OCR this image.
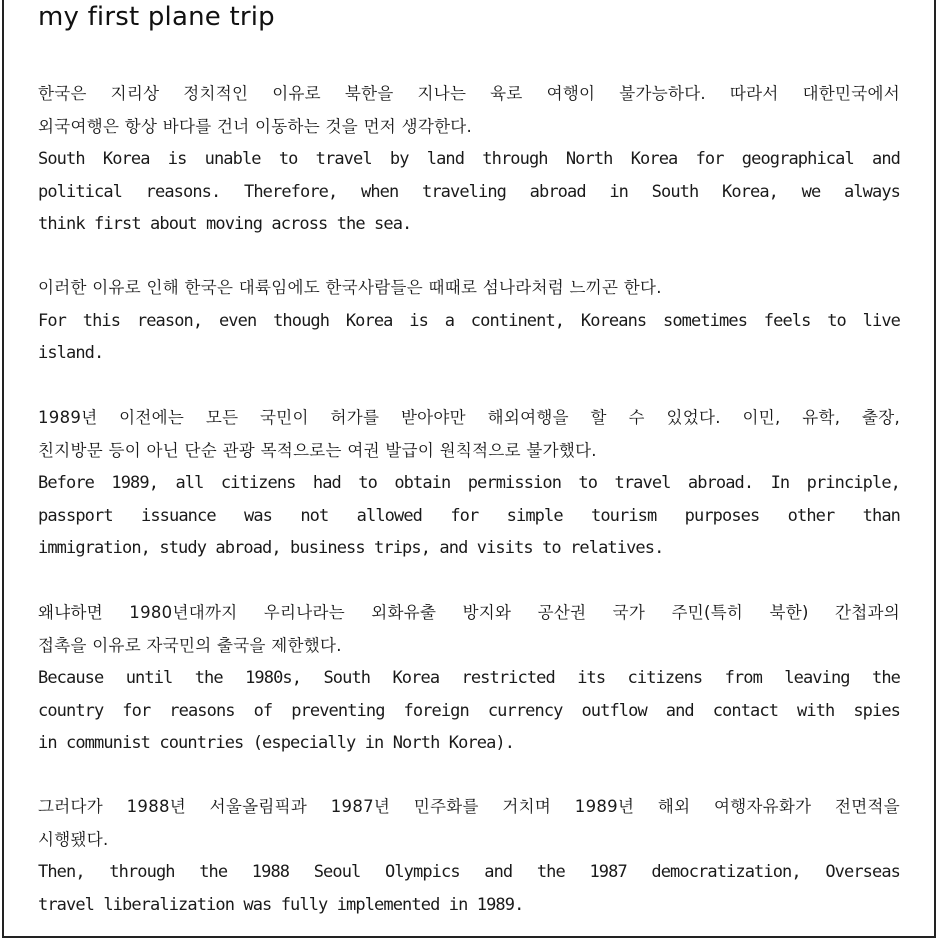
my first plane trip
한국은 지리상 정치적인 이유로 북한을 지나는 육로 여행이 불가능하다. 따라서 대한민국에서
외국여행은 항상 바다를 건너 이동하는 것을 먼저 생각한다.
South Korea is unable to travel by land through North Korea for geographical and
political reasons. Therefore, when traveling abroad in South Korea, we always
think first about moving across the sea.
이러한 이유로 인해 한국은 대륙임에도 한국사람들은 때때로 섬나라처럼 느끼곤 한다.
For this reason, even though Korea is a continent, Koreans sometimes feels to live
island.
1989년 이전에는 모든 국민이 허가를 받아야만 해외여행을 할 수 있었다. 이민, 유학, 출장,
친지방문 등이 아닌 단순 관광 목적으로는 여권 발급이 원칙적으로 불가했다.
Before 1989, all citizens had to obtain permission to travel abroad. In principle,
passport issuance was not allowed for simple tourism purposes other than
immigration, study abroad, business trips, and visits to relatives.
왜냐하면 1980년대까지 우리나라는 외화유출 방지와 공산권 국가 주민(특히 북한) 간첩과의
접촉을 이유로 자국민의 출국을 제한했다.
Because until the 1980s, South Korea restricted its citizens from leaving the
country for reasons of preventing foreign currency outflow and contact with spies
in communist countries (especially in North Korea).
그러다가 1988년 서울올림픽과 1987년 민주화를 거치며 1989년 해외 여행자유화가 전면적을
시행됐다.
Then, through the 1988 Seoul Olympics and the 1987 democratization, Overseas
travel liberalization was fully implemented in 1989.
